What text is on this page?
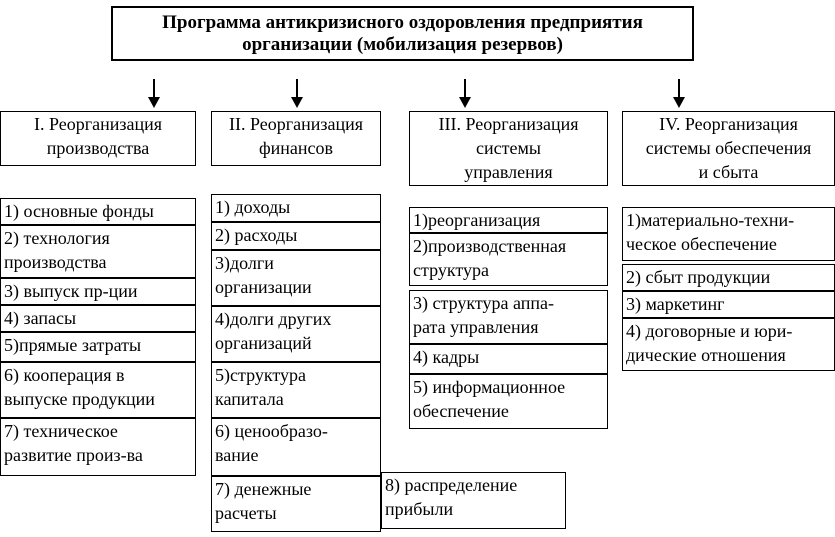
Программа антикризисного оздоровления предприятия
организации (мобилизация резервов)
I. Реорганизация
производства
II. Реорганизация
финансов
III. Реорганизация
системы
управления
IV. Реорганизация
системы обеспечения
и сбыта
1) основные фонды
2) технология
производства
3) выпуск пр-ции
4) запасы
5)прямые затраты
6) кооперация в
выпуске продукции
7) техническое
развитие произ-ва
1) доходы
2) расходы
3)долги
организации
4)долги других
организаций
5)структура
капитала
6) ценообразо-
вание
7) денежные
расчеты
8) распределение
прибыли
1)реорганизация
2)производственная
структура
3) структура аппа-
рата управления
4) кадры
5) информационное
обеспечение
1)материально-техни-
ческое обеспечение
2) сбыт продукции
3) маркетинг
4) договорные и юри-
дические отношения
